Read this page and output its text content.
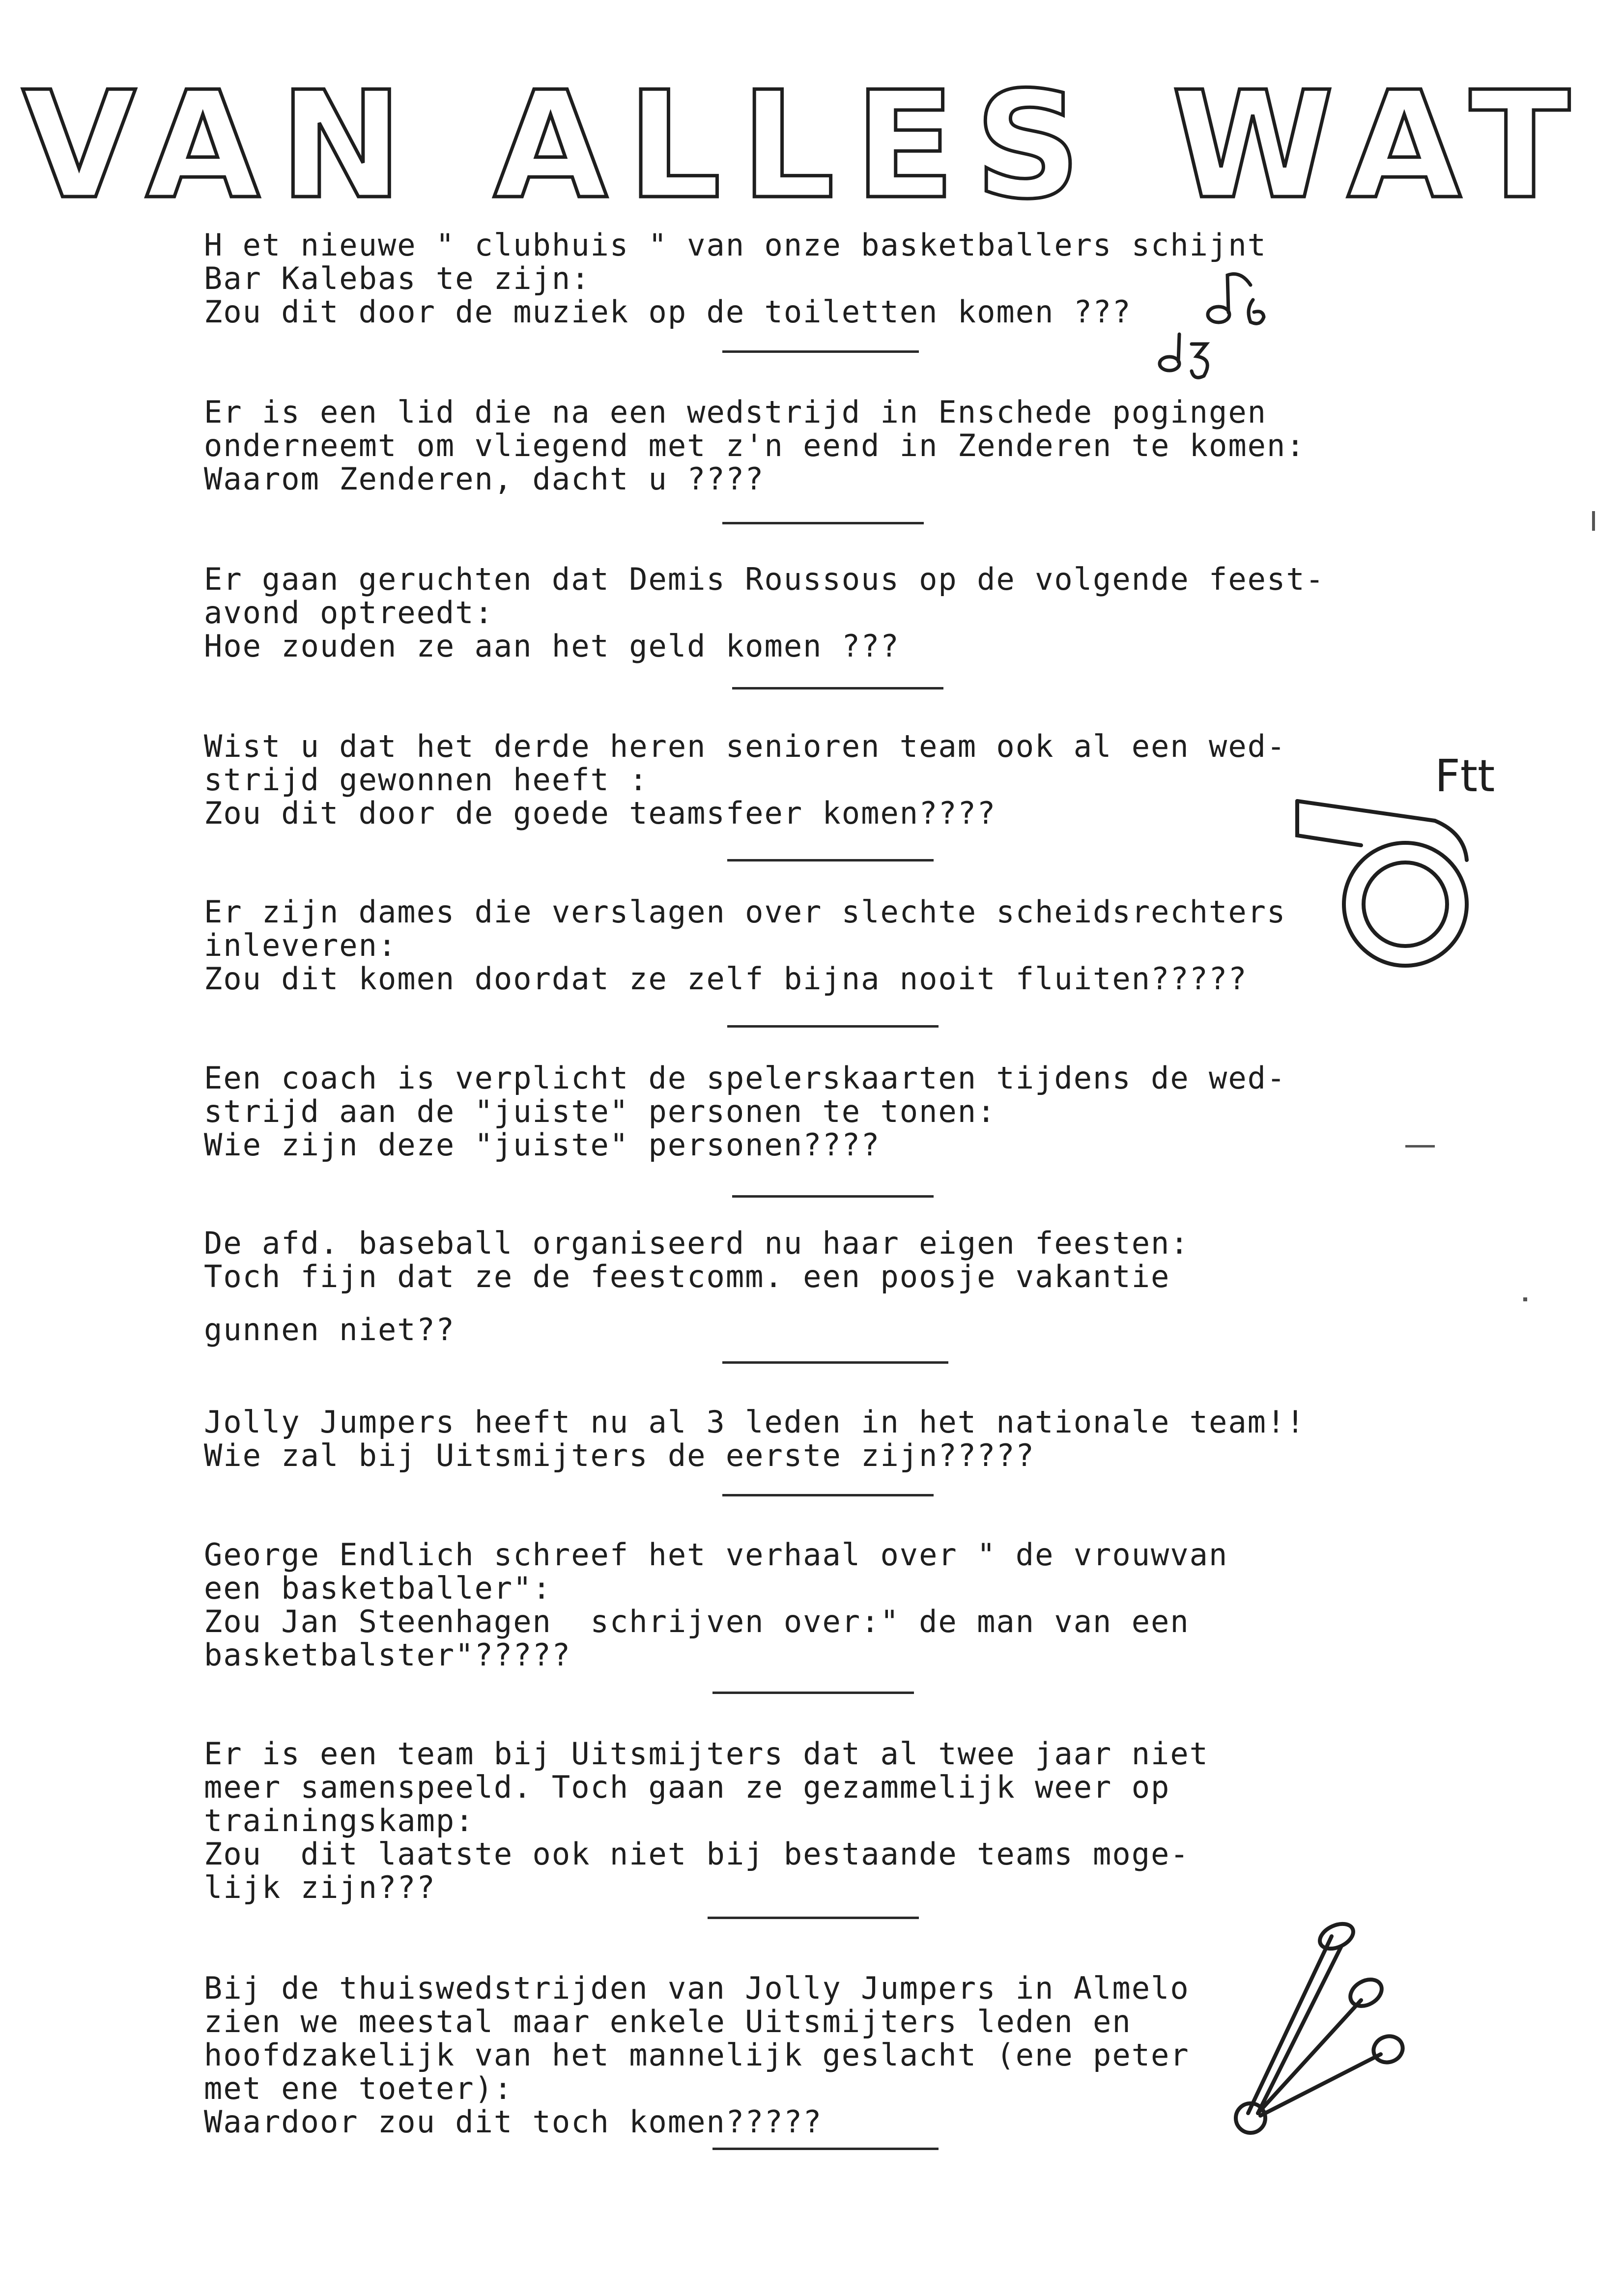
VAN ALLES WAT
H et nieuwe " clubhuis " van onze basketballers schijnt
Bar Kalebas te zijn:
Zou dit door de muziek op de toiletten komen ???
Er is een lid die na een wedstrijd in Enschede pogingen
onderneemt om vliegend met z'n eend in Zenderen te komen:
Waarom Zenderen, dacht u ????
Er gaan geruchten dat Demis Roussous op de volgende feest-
avond optreedt:
Hoe zouden ze aan het geld komen ???
Wist u dat het derde heren senioren team ook al een wed-
strijd gewonnen heeft :
Zou dit door de goede teamsfeer komen????
Er zijn dames die verslagen over slechte scheidsrechters
inleveren:
Zou dit komen doordat ze zelf bijna nooit fluiten?????
Een coach is verplicht de spelerskaarten tijdens de wed-
strijd aan de "juiste" personen te tonen:
Wie zijn deze "juiste" personen????
De afd. baseball organiseerd nu haar eigen feesten:
Toch fijn dat ze de feestcomm. een poosje vakantie
gunnen niet??
Jolly Jumpers heeft nu al 3 leden in het nationale team!!
Wie zal bij Uitsmijters de eerste zijn?????
George Endlich schreef het verhaal over " de vrouwvan
een basketballer":
Zou Jan Steenhagen  schrijven over:" de man van een
basketbalster"?????
Er is een team bij Uitsmijters dat al twee jaar niet
meer samenspeeld. Toch gaan ze gezammelijk weer op
trainingskamp:
Zou  dit laatste ook niet bij bestaande teams moge-
lijk zijn???
Bij de thuiswedstrijden van Jolly Jumpers in Almelo
zien we meestal maar enkele Uitsmijters leden en
hoofdzakelijk van het mannelijk geslacht (ene peter
met ene toeter):
Waardoor zou dit toch komen?????
Ftt
